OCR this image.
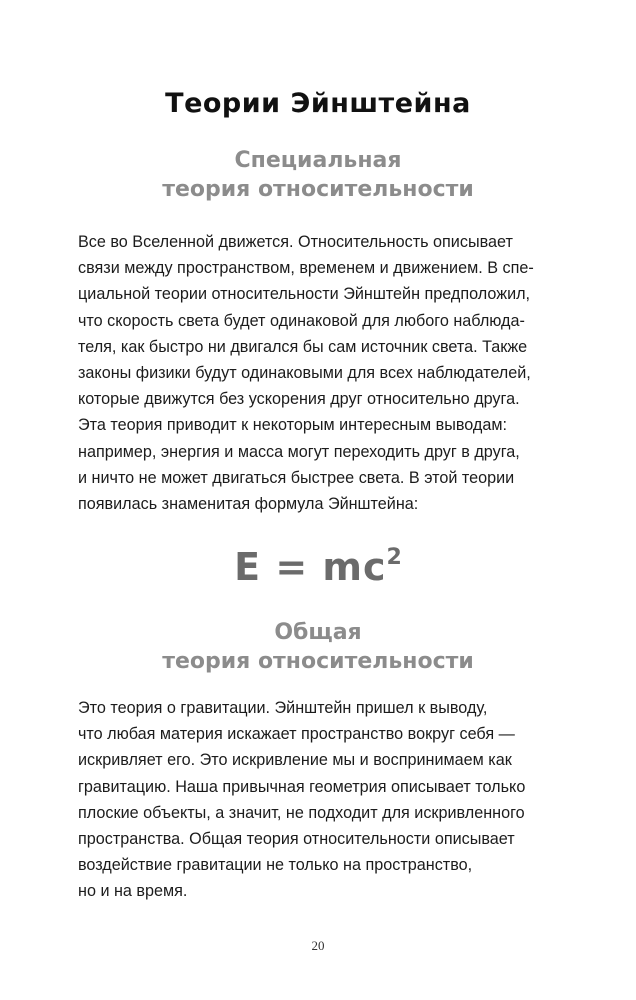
Теории Эйнштейна
Специальная
теория относительности

Все во Вселенной движется. Относительность описывает
связи между пространством, временем и движением. В спе-
циальной теории относительности Эйнштейн предположил,
что скорость света будет одинаковой для любого наблюда-
теля, как быстро ни двигался бы сам источник света. Также
законы физики будут одинаковыми для всех наблюдателей,
которые движутся без ускорения друг относительно друга.
Эта теория приводит к некоторым интересным выводам:
например, энергия и масса могут переходить друг в друга,
и ничто не может двигаться быстрее света. В этой теории
появилась знаменитая формула Эйнштейна:

$E = mc^2$
Общая
теория относительности

Это теория о гравитации. Эйнштейн пришел к выводу,
что любая материя искажает пространство вокруг себя —
искривляет его. Это искривление мы и воспринимаем как
гравитацию. Наша привычная геометрия описывает только
плоские объекты, а значит, не подходит для искривленного
пространства. Общая теория относительности описывает
воздействие гравитации не только на пространство,
но и на время.

20
